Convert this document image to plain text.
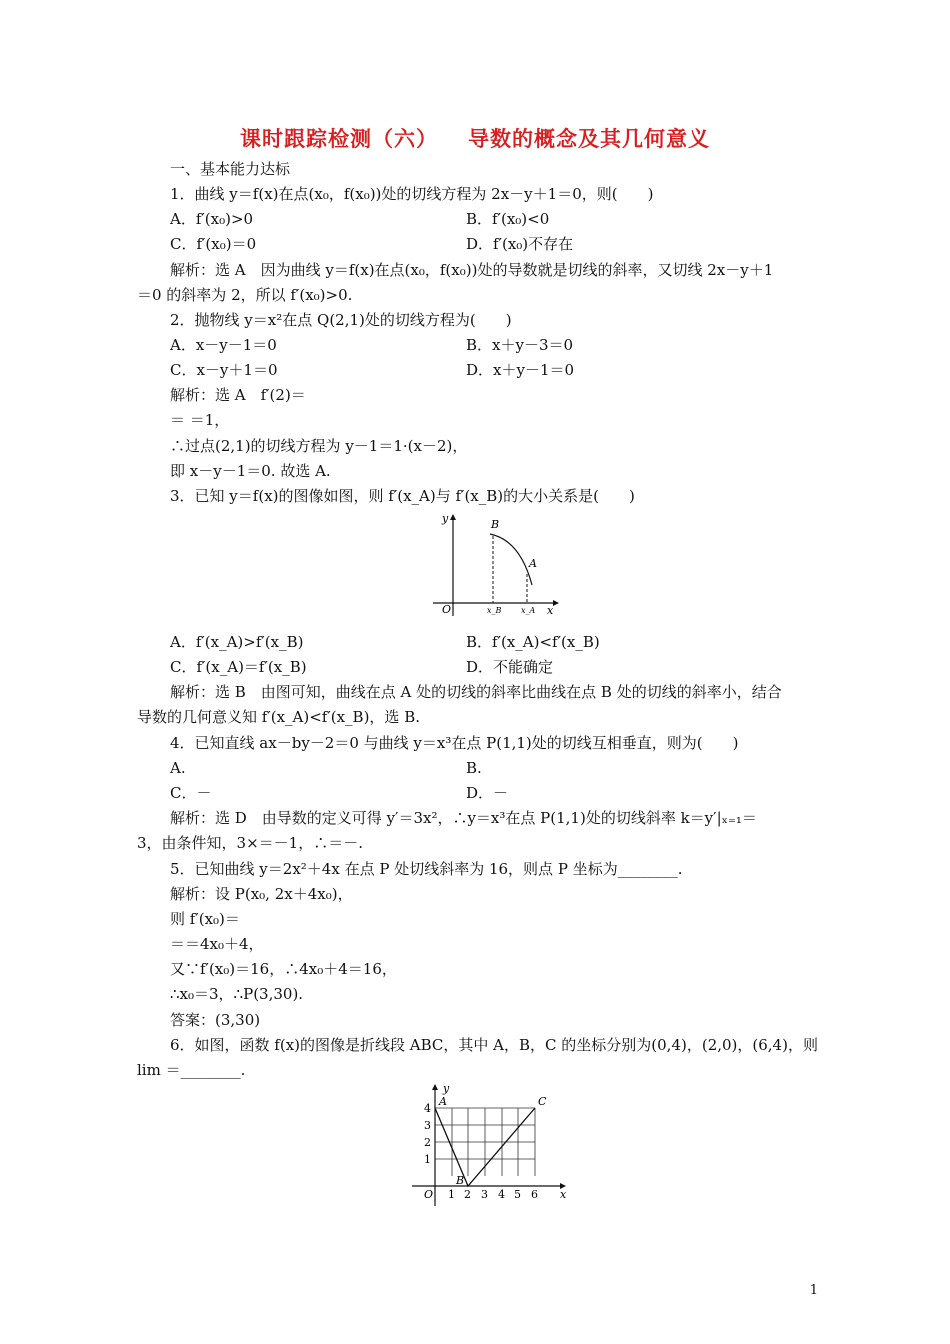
课时跟踪检测（六） 导数的概念及其几何意义
一、基本能力达标
1．曲线 y＝f(x)在点(x₀，f(x₀))处的切线方程为 2x－y＋1＝0，则(　　)
A．f′(x₀)>0	B．f′(x₀)<0
C．f′(x₀)＝0	D．f′(x₀)不存在
解析：选 A　因为曲线 y＝f(x)在点(x₀，f(x₀))处的导数就是切线的斜率，又切线 2x－y＋1
＝0 的斜率为 2，所以 f′(x₀)>0.
2．抛物线 y＝x²在点 Q(2,1)处的切线方程为(　　)
A．x－y－1＝0	B．x＋y－3＝0
C．x－y＋1＝0	D．x＋y－1＝0
解析：选 A　f′(2)＝
＝ ＝1，
∴过点(2,1)的切线方程为 y－1＝1·(x－2)，
即 x－y－1＝0. 故选 A.
3．已知 y＝f(x)的图像如图，则 f′(x_A)与 f′(x_B)的大小关系是(　　)
y	B
A
O	x_B x_A x
A．f′(x_A)>f′(x_B)	B．f′(x_A)<f′(x_B)
C．f′(x_A)＝f′(x_B)	D．不能确定
解析：选 B　由图可知，曲线在点 A 处的切线的斜率比曲线在点 B 处的切线的斜率小，结合
导数的几何意义知 f′(x_A)<f′(x_B)，选 B.
4．已知直线 ax－by－2＝0 与曲线 y＝x³在点 P(1,1)处的切线互相垂直，则为(　　)
A.	B.
C．－	D．－
解析：选 D　由导数的定义可得 y′＝3x²，∴y＝x³在点 P(1,1)处的切线斜率 k＝y′|ₓ₌₁＝
3，由条件知，3×＝－1，∴＝－.
5．已知曲线 y＝2x²＋4x 在点 P 处切线斜率为 16，则点 P 坐标为________.
解析：设 P(x₀, 2x＋4x₀)，
则 f′(x₀)＝
＝＝4x₀＋4，
又∵f′(x₀)＝16，∴4x₀＋4＝16，
∴x₀＝3，∴P(3,30).
答案：(3,30)
6．如图，函数 f(x)的图像是折线段 ABC，其中 A，B，C 的坐标分别为(0,4)，(2,0)，(6,4)，则
lim ＝________.
y
A	C
B
O	x
4
3
2
1
1 2 3 4 5 6
1
